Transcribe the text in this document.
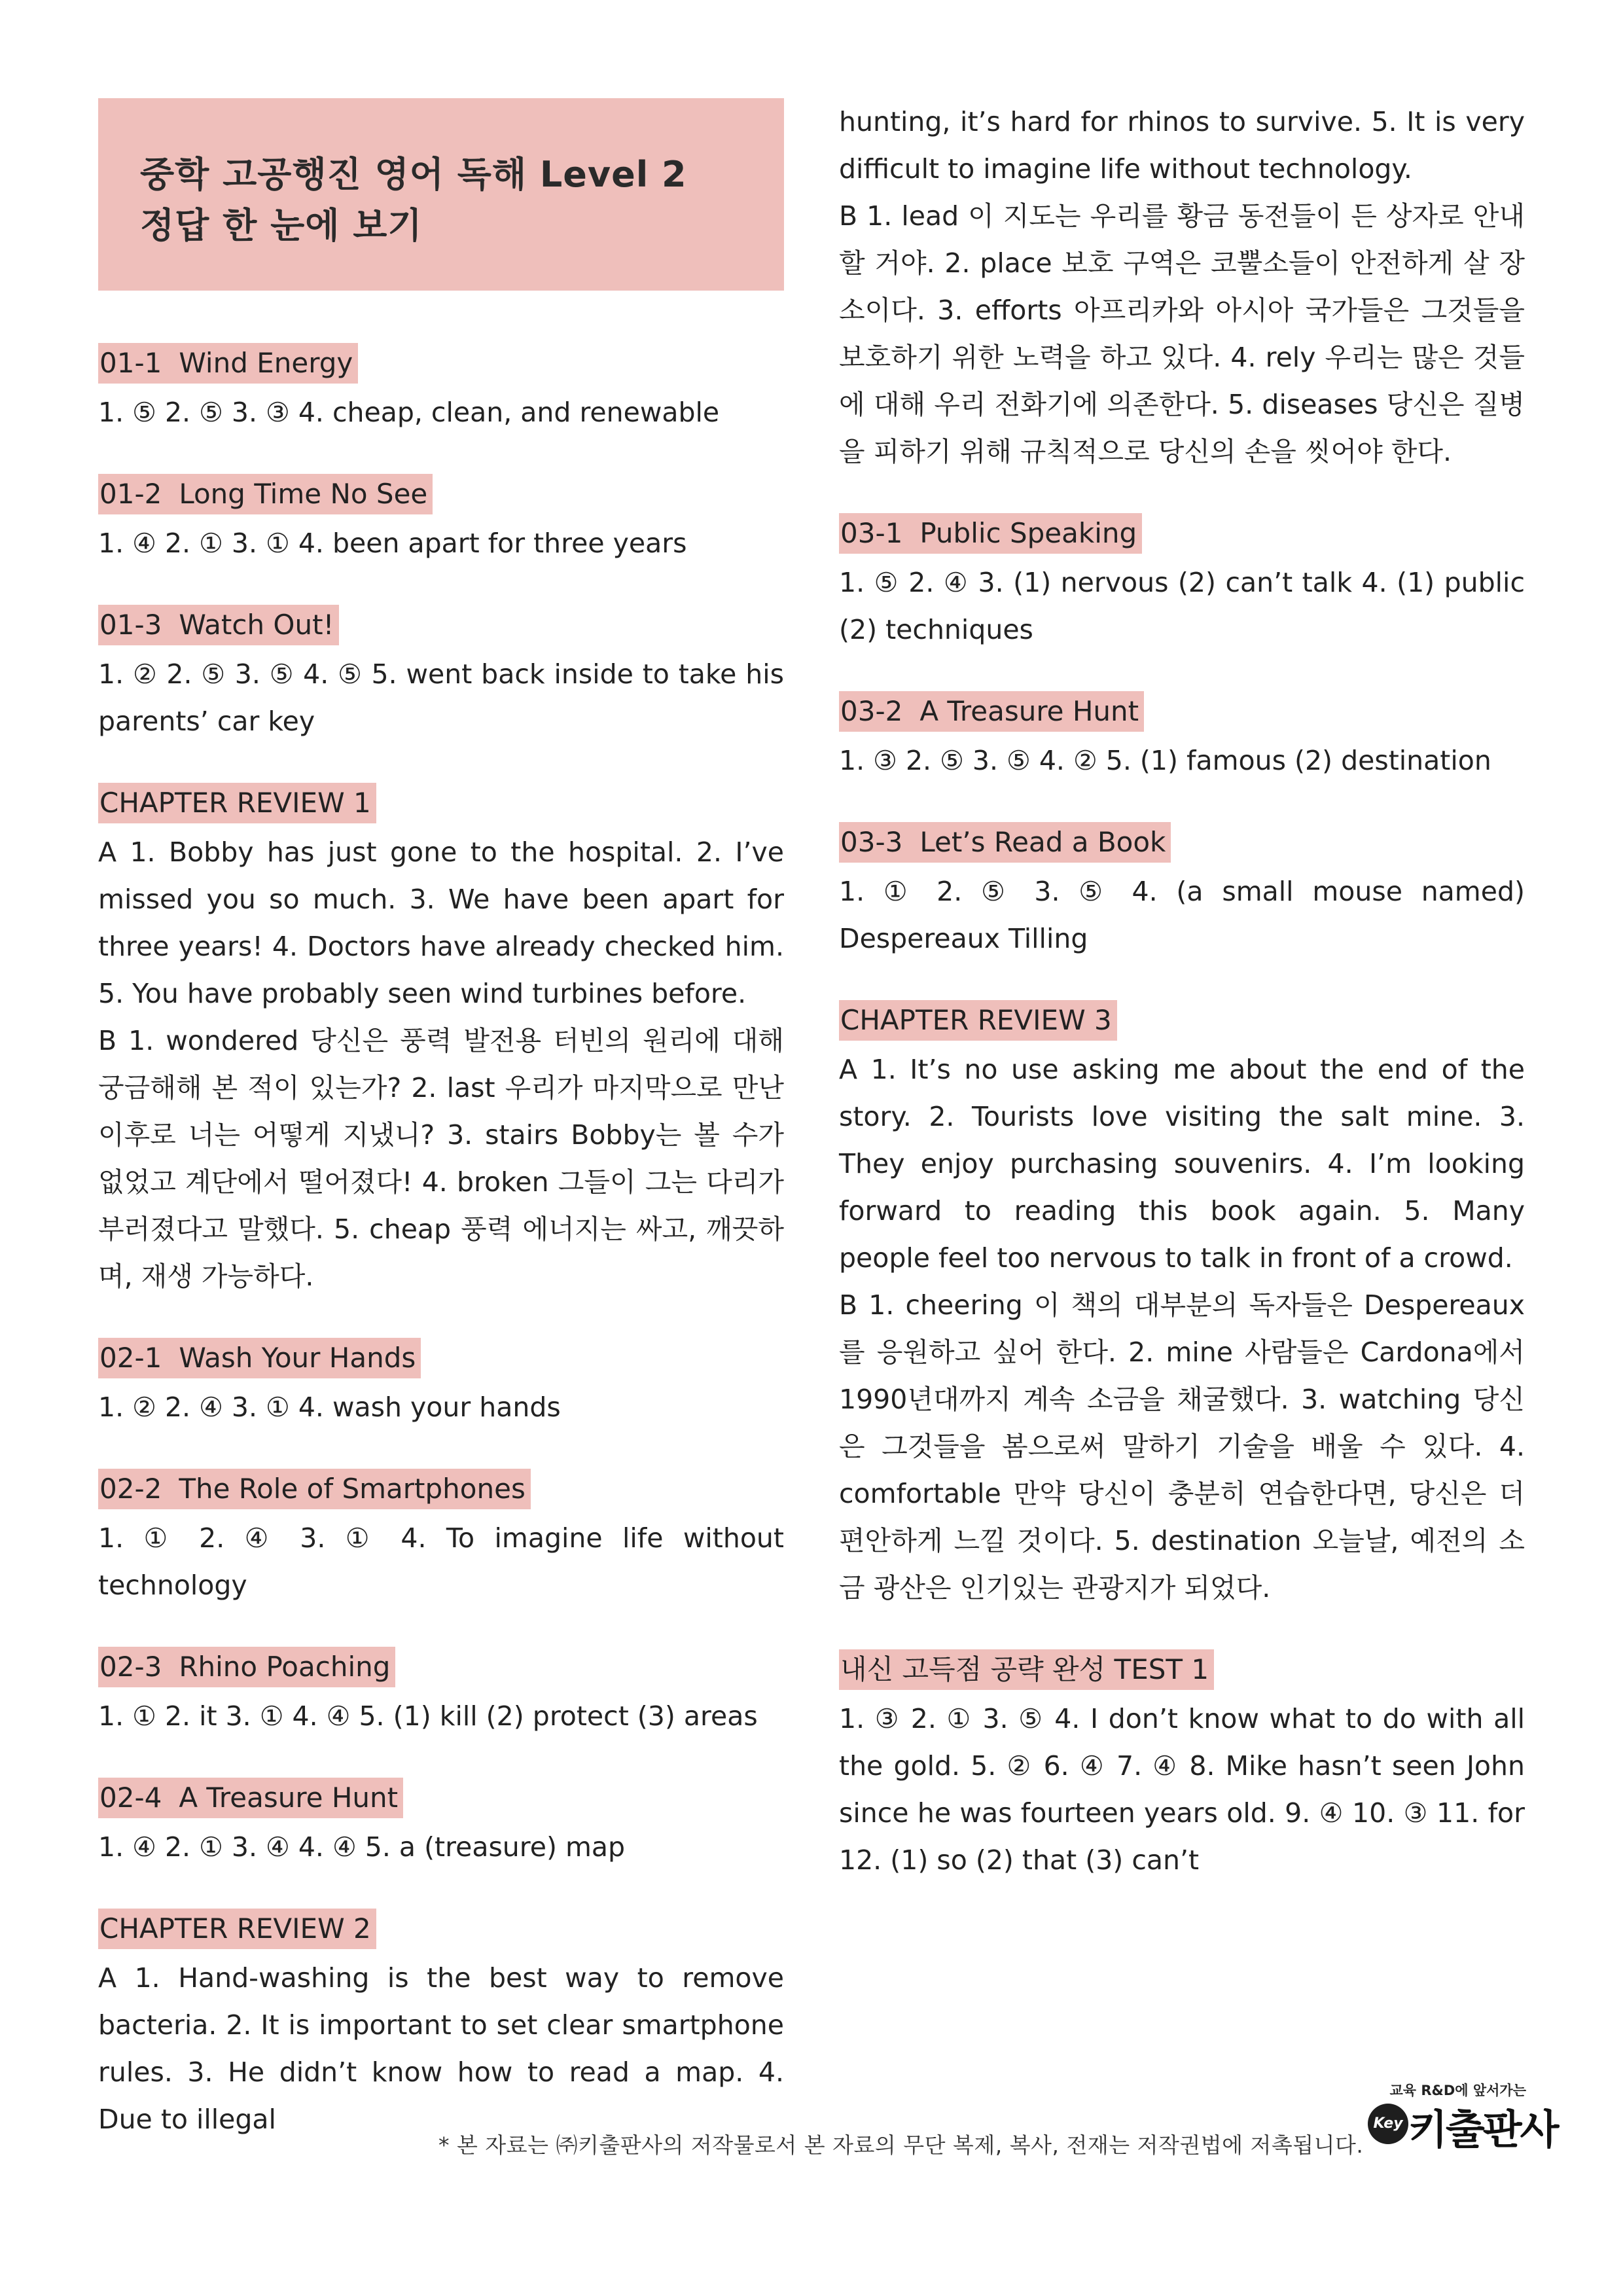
중학 고공행진 영어 독해 Level 2
정답 한 눈에 보기
01-1 Wind Energy

1. ⑤ 2. ⑤ 3. ③ 4. cheap, clean, and renewable

01-2 Long Time No See

1. ④ 2. ① 3. ① 4. been apart for three years

01-3 Watch Out!

1. ② 2. ⑤ 3. ⑤ 4. ⑤ 5. went back inside to take his parents’ car key

CHAPTER REVIEW 1

A 1. Bobby has just gone to the hospital. 2. I’ve missed you so much. 3. We have been apart for three years! 4. Doctors have already checked him. 5. You have probably seen wind turbines before.

B 1. wondered 당신은 풍력 발전용 터빈의 원리에 대해 궁금해해 본 적이 있는가? 2. last 우리가 마지막으로 만난 이후로 너는 어떻게 지냈니? 3. stairs Bobby는 볼 수가 없었고 계단에서 떨어졌다! 4. broken 그들이 그는 다리가 부러졌다고 말했다. 5. cheap 풍력 에너지는 싸고, 깨끗하며, 재생 가능하다.

02-1 Wash Your Hands

1. ② 2. ④ 3. ① 4. wash your hands

02-2 The Role of Smartphones

1. ① 2. ④ 3. ① 4. To imagine life without technology

02-3 Rhino Poaching

1. ① 2. it 3. ① 4. ④ 5. (1) kill (2) protect (3) areas

02-4 A Treasure Hunt

1. ④ 2. ① 3. ④ 4. ④ 5. a (treasure) map

CHAPTER REVIEW 2

A 1. Hand-washing is the best way to remove bacteria. 2. It is important to set clear smartphone rules. 3. He didn’t know how to read a map. 4. Due to illegal

hunting, it’s hard for rhinos to survive. 5. It is very difficult to imagine life without technology.

B 1. lead 이 지도는 우리를 황금 동전들이 든 상자로 안내할 거야. 2. place 보호 구역은 코뿔소들이 안전하게 살 장소이다. 3. efforts 아프리카와 아시아 국가들은 그것들을 보호하기 위한 노력을 하고 있다. 4. rely 우리는 많은 것들에 대해 우리 전화기에 의존한다. 5. diseases 당신은 질병을 피하기 위해 규칙적으로 당신의 손을 씻어야 한다.

03-1 Public Speaking

1. ⑤ 2. ④ 3. (1) nervous (2) can’t talk 4. (1) public (2) techniques

03-2 A Treasure Hunt

1. ③ 2. ⑤ 3. ⑤ 4. ② 5. (1) famous (2) destination

03-3 Let’s Read a Book

1. ① 2. ⑤ 3. ⑤ 4. (a small mouse named) Despereaux Tilling

CHAPTER REVIEW 3

A 1. It’s no use asking me about the end of the story. 2. Tourists love visiting the salt mine. 3. They enjoy purchasing souvenirs. 4. I’m looking forward to reading this book again. 5. Many people feel too nervous to talk in front of a crowd.

B 1. cheering 이 책의 대부분의 독자들은 Despereaux를 응원하고 싶어 한다. 2. mine 사람들은 Cardona에서 1990년대까지 계속 소금을 채굴했다. 3. watching 당신은 그것들을 봄으로써 말하기 기술을 배울 수 있다. 4. comfortable 만약 당신이 충분히 연습한다면, 당신은 더 편안하게 느낄 것이다. 5. destination 오늘날, 예전의 소금 광산은 인기있는 관광지가 되었다.

내신 고득점 공략 완성 TEST 1

1. ③ 2. ① 3. ⑤ 4. I don’t know what to do with all the gold. 5. ② 6. ④ 7. ④ 8. Mike hasn’t seen John since he was fourteen years old. 9. ④ 10. ③ 11. for 12. (1) so (2) that (3) can’t

* 본 자료는 ㈜키출판사의 저작물로서 본 자료의 무단 복제, 복사, 전재는 저작권법에 저촉됩니다.
교육 R&D에 앞서가는
Key 키출판사
